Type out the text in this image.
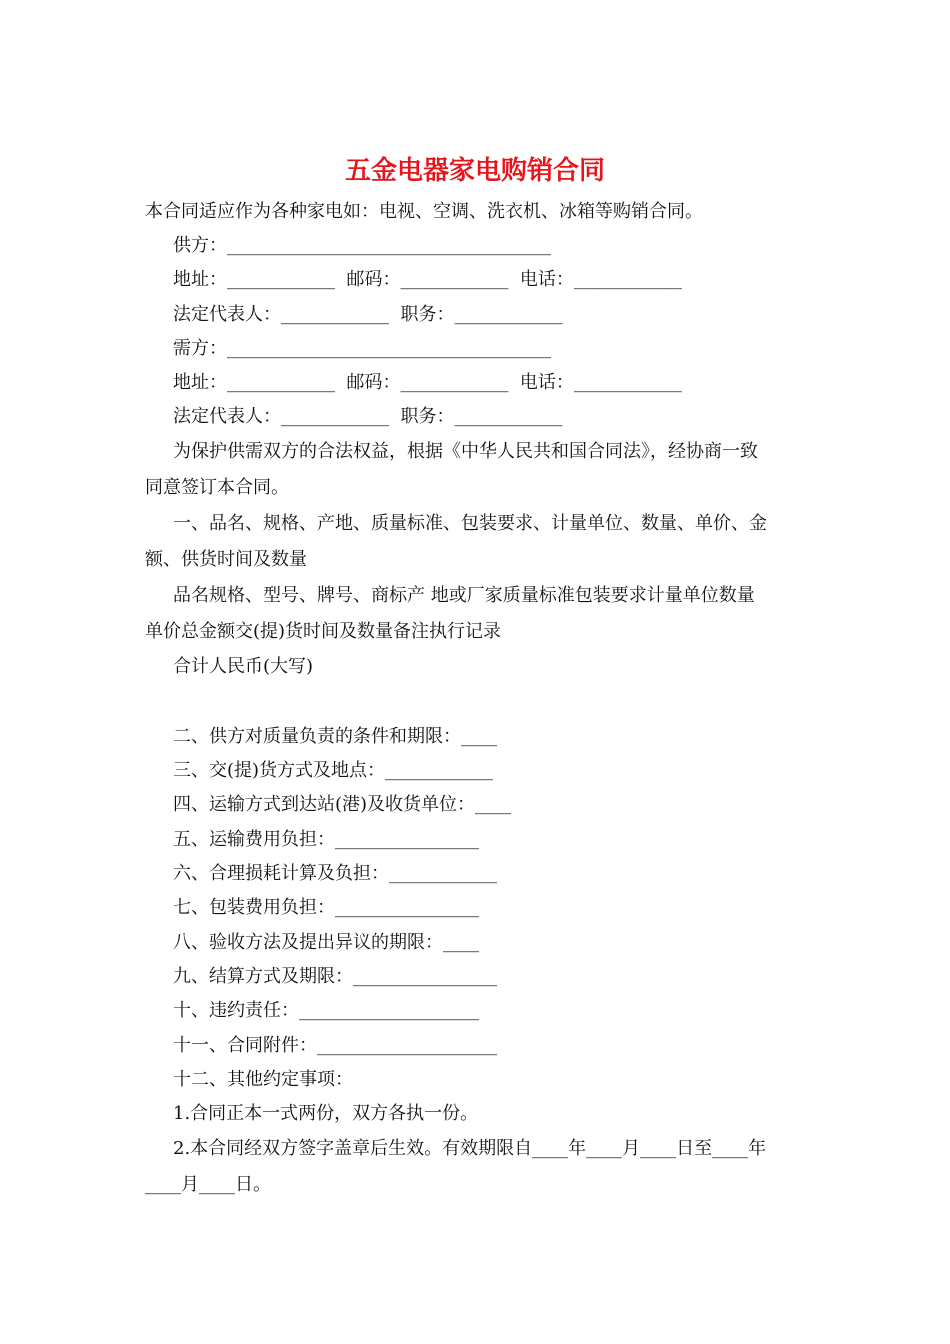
五金电器家电购销合同
本合同适应作为各种家电如：电视、空调、洗衣机、冰箱等购销合同。
供方：____________________________________
地址：____________  邮码：____________  电话：____________
法定代表人：____________  职务：____________
需方：____________________________________
地址：____________  邮码：____________  电话：____________
法定代表人：____________  职务：____________
为保护供需双方的合法权益，根据《中华人民共和国合同法》，经协商一致
同意签订本合同。
一、品名、规格、产地、质量标准、包装要求、计量单位、数量、单价、金
额、供货时间及数量
品名规格、型号、牌号、商标产 地或厂家质量标准包装要求计量单位数量
单价总金额交(提)货时间及数量备注执行记录
合计人民币(大写)
二、供方对质量负责的条件和期限：____
三、交(提)货方式及地点：____________
四、运输方式到达站(港)及收货单位：____
五、运输费用负担：________________
六、合理损耗计算及负担：____________
七、包装费用负担：________________
八、验收方法及提出异议的期限：____
九、结算方式及期限：________________
十、违约责任：____________________
十一、合同附件：____________________
十二、其他约定事项：
1.合同正本一式两份，双方各执一份。
2.本合同经双方签字盖章后生效。有效期限自____年____月____日至____年
____月____日。
